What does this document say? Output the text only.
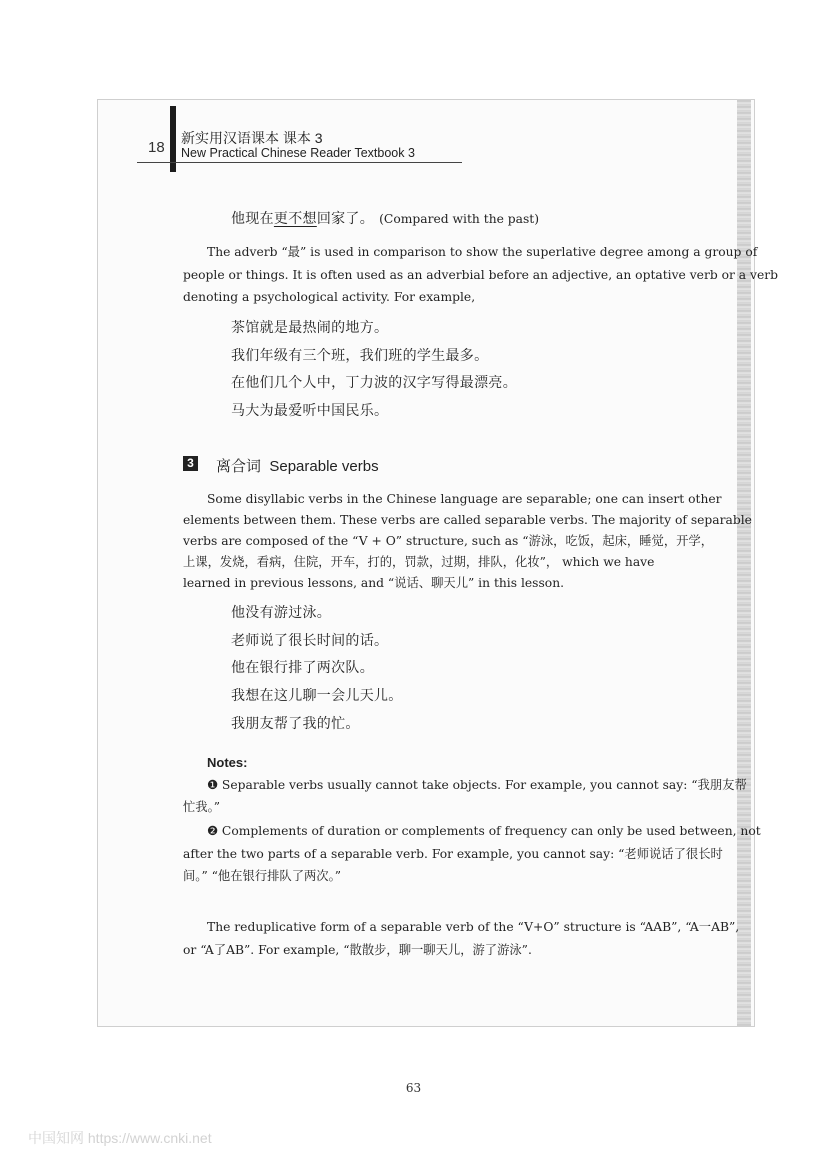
18
新实用汉语课本 课本 3
New Practical Chinese Reader Textbook 3
他现在更不想回家了。 (Compared with the past)
The adverb “最” is used in comparison to show the superlative degree among a group of
people or things. It is often used as an adverbial before an adjective, an optative verb or a verb
denoting a psychological activity. For example,
茶馆就是最热闹的地方。
我们年级有三个班，我们班的学生最多。
在他们几个人中，丁力波的汉字写得最漂亮。
马大为最爱听中国民乐。
3 离合词 Separable verbs
Some disyllabic verbs in the Chinese language are separable; one can insert other
elements between them. These verbs are called separable verbs. The majority of separable
verbs are composed of the “V + O” structure, such as “游泳，吃饭，起床，睡觉，开学，
上课，发烧，看病，住院，开车，打的，罚款，过期，排队，化妆”， which we have
learned in previous lessons, and “说话、聊天儿” in this lesson.
他没有游过泳。
老师说了很长时间的话。
他在银行排了两次队。
我想在这儿聊一会儿天儿。
我朋友帮了我的忙。
Notes:
❶ Separable verbs usually cannot take objects. For example, you cannot say: “我朋友帮
忙我。”
❷ Complements of duration or complements of frequency can only be used between, not
after the two parts of a separable verb. For example, you cannot say: “老师说话了很长时
间。” “他在银行排队了两次。”
The reduplicative form of a separable verb of the “V+O” structure is “AAB”, “A一AB”,
or “A了AB”. For example, “散散步，聊一聊天儿，游了游泳”.
63
中国知网 https://www.cnki.net
